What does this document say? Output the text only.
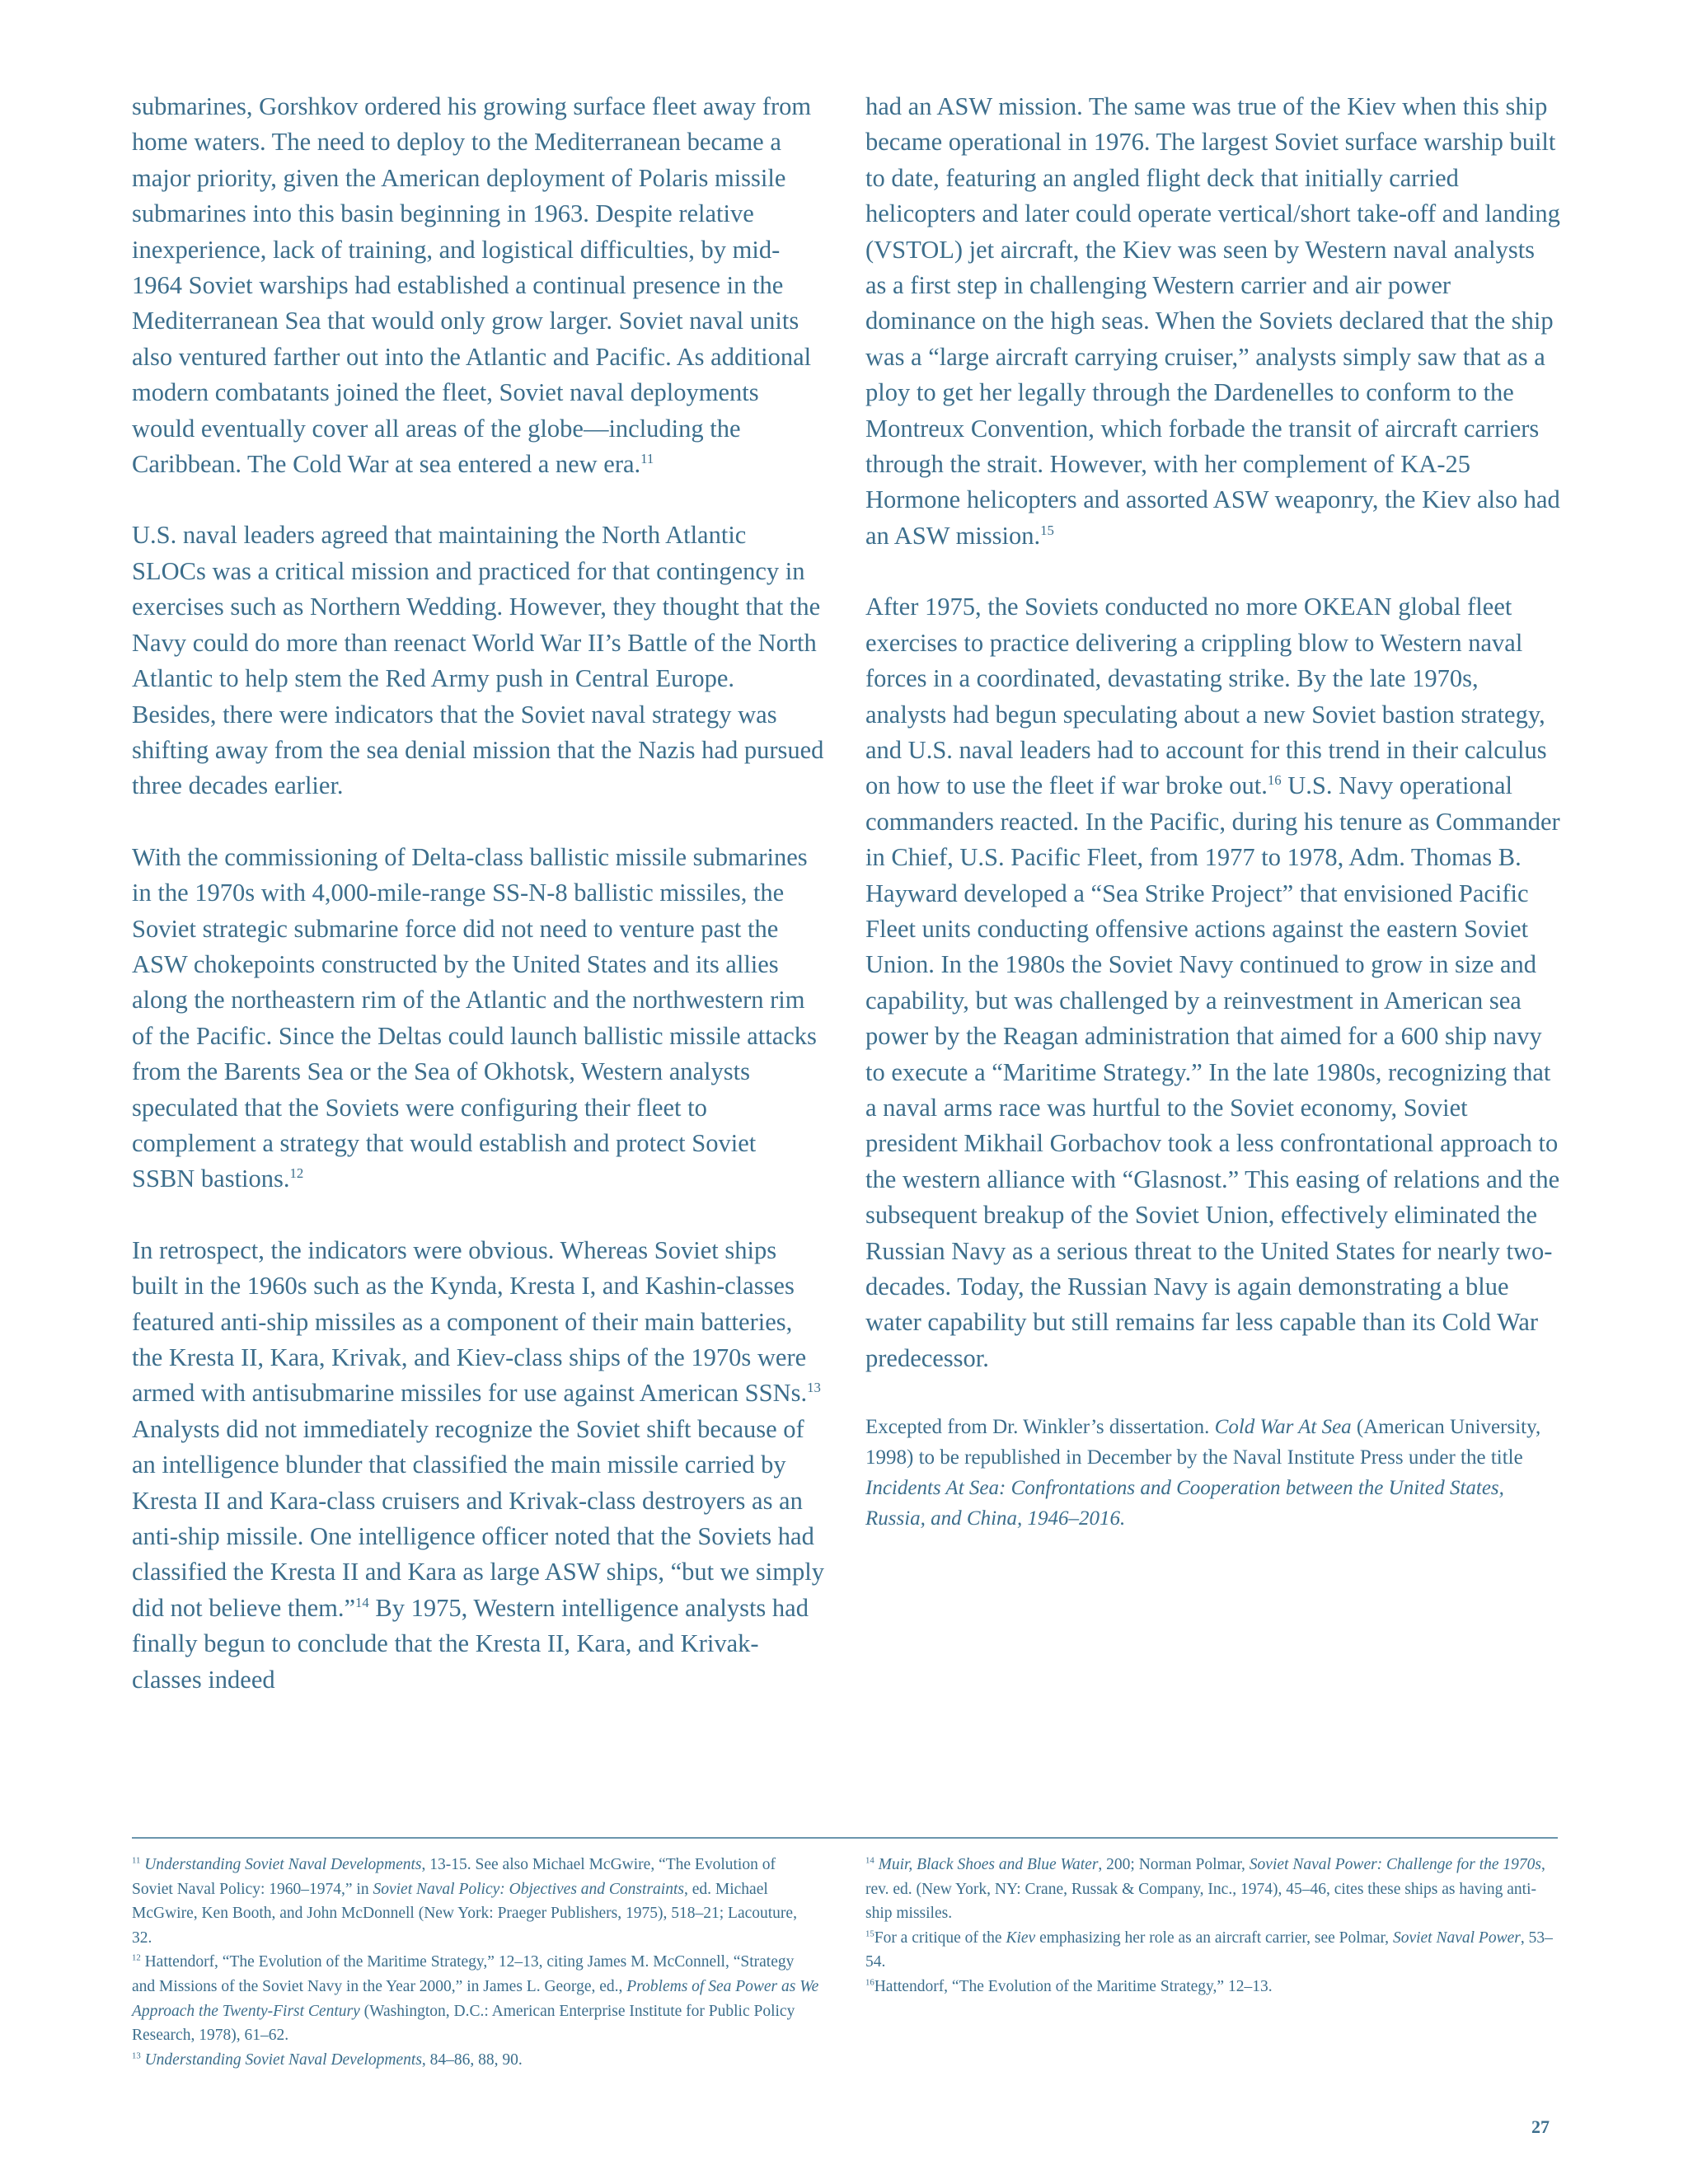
submarines, Gorshkov ordered his growing surface fleet away from home waters. The need to deploy to the Mediterranean became a major priority, given the American deployment of Polaris missile submarines into this basin beginning in 1963. Despite relative inexperience, lack of training, and logistical difficulties, by mid-1964 Soviet warships had established a continual presence in the Mediterranean Sea that would only grow larger. Soviet naval units also ventured farther out into the Atlantic and Pacific. As additional modern combatants joined the fleet, Soviet naval deployments would eventually cover all areas of the globe—including the Caribbean. The Cold War at sea entered a new era.$^{11}$

U.S. naval leaders agreed that maintaining the North Atlantic SLOCs was a critical mission and practiced for that contingency in exercises such as Northern Wedding. However, they thought that the Navy could do more than reenact World War II’s Battle of the North Atlantic to help stem the Red Army push in Central Europe. Besides, there were indicators that the Soviet naval strategy was shifting away from the sea denial mission that the Nazis had pursued three decades earlier.

With the commissioning of Delta-class ballistic missile submarines in the 1970s with 4,000-mile-range SS-N-8 ballistic missiles, the Soviet strategic submarine force did not need to venture past the ASW chokepoints constructed by the United States and its allies along the northeastern rim of the Atlantic and the northwestern rim of the Pacific. Since the Deltas could launch ballistic missile attacks from the Barents Sea or the Sea of Okhotsk, Western analysts speculated that the Soviets were configuring their fleet to complement a strategy that would establish and protect Soviet SSBN bastions.$^{12}$

In retrospect, the indicators were obvious. Whereas Soviet ships built in the 1960s such as the Kynda, Kresta I, and Kashin-classes featured anti-ship missiles as a component of their main batteries, the Kresta II, Kara, Krivak, and Kiev-class ships of the 1970s were armed with antisubmarine missiles for use against American SSNs.$^{13}$ Analysts did not immediately recognize the Soviet shift because of an intelligence blunder that classified the main missile carried by Kresta II and Kara-class cruisers and Krivak-class destroyers as an anti-ship missile. One intelligence officer noted that the Soviets had classified the Kresta II and Kara as large ASW ships, “but we simply did not believe them.”$^{14}$ By 1975, Western intelligence analysts had finally begun to conclude that the Kresta II, Kara, and Krivak-classes indeed

had an ASW mission. The same was true of the Kiev when this ship became operational in 1976. The largest Soviet surface warship built to date, featuring an angled flight deck that initially carried helicopters and later could operate vertical/short take-off and landing (VSTOL) jet aircraft, the Kiev was seen by Western naval analysts as a first step in challenging Western carrier and air power dominance on the high seas. When the Soviets declared that the ship was a “large aircraft carrying cruiser,” analysts simply saw that as a ploy to get her legally through the Dardenelles to conform to the Montreux Convention, which forbade the transit of aircraft carriers through the strait. However, with her complement of KA-25 Hormone helicopters and assorted ASW weaponry, the Kiev also had an ASW mission.$^{15}$

After 1975, the Soviets conducted no more OKEAN global fleet exercises to practice delivering a crippling blow to Western naval forces in a coordinated, devastating strike. By the late 1970s, analysts had begun speculating about a new Soviet bastion strategy, and U.S. naval leaders had to account for this trend in their calculus on how to use the fleet if war broke out.$^{16}$ U.S. Navy operational commanders reacted. In the Pacific, during his tenure as Commander in Chief, U.S. Pacific Fleet, from 1977 to 1978, Adm. Thomas B. Hayward developed a “Sea Strike Project” that envisioned Pacific Fleet units conducting offensive actions against the eastern Soviet Union. In the 1980s the Soviet Navy continued to grow in size and capability, but was challenged by a reinvestment in American sea power by the Reagan administration that aimed for a 600 ship navy to execute a “Maritime Strategy.” In the late 1980s, recognizing that a naval arms race was hurtful to the Soviet economy, Soviet president Mikhail Gorbachov took a less confrontational approach to the western alliance with “Glasnost.” This easing of relations and the subsequent breakup of the Soviet Union, effectively eliminated the Russian Navy as a serious threat to the United States for nearly two-decades. Today, the Russian Navy is again demonstrating a blue water capability but still remains far less capable than its Cold War predecessor.

Excepted from Dr. Winkler’s dissertation. Cold War At Sea (American University, 1998) to be republished in December by the Naval Institute Press under the title Incidents At Sea: Confrontations and Cooperation between the United States, Russia, and China, 1946–2016.

$^{11}$ Understanding Soviet Naval Developments, 13-15. See also Michael McGwire, “The Evolution of Soviet Naval Policy: 1960–1974,” in Soviet Naval Policy: Objectives and Constraints, ed. Michael McGwire, Ken Booth, and John McDonnell (New York: Praeger Publishers, 1975), 518–21; Lacouture, 32.

$^{12}$ Hattendorf, “The Evolution of the Maritime Strategy,” 12–13, citing James M. McConnell, “Strategy and Missions of the Soviet Navy in the Year 2000,” in James L. George, ed., Problems of Sea Power as We Approach the Twenty-First Century (Washington, D.C.: American Enterprise Institute for Public Policy Research, 1978), 61–62.

$^{13}$ Understanding Soviet Naval Developments, 84–86, 88, 90.

$^{14}$ Muir, Black Shoes and Blue Water, 200; Norman Polmar, Soviet Naval Power: Challenge for the 1970s, rev. ed. (New York, NY: Crane, Russak & Company, Inc., 1974), 45–46, cites these ships as having anti-ship missiles.

$^{15}$For a critique of the Kiev emphasizing her role as an aircraft carrier, see Polmar, Soviet Naval Power, 53–54.

$^{16}$Hattendorf, “The Evolution of the Maritime Strategy,” 12–13.

27
